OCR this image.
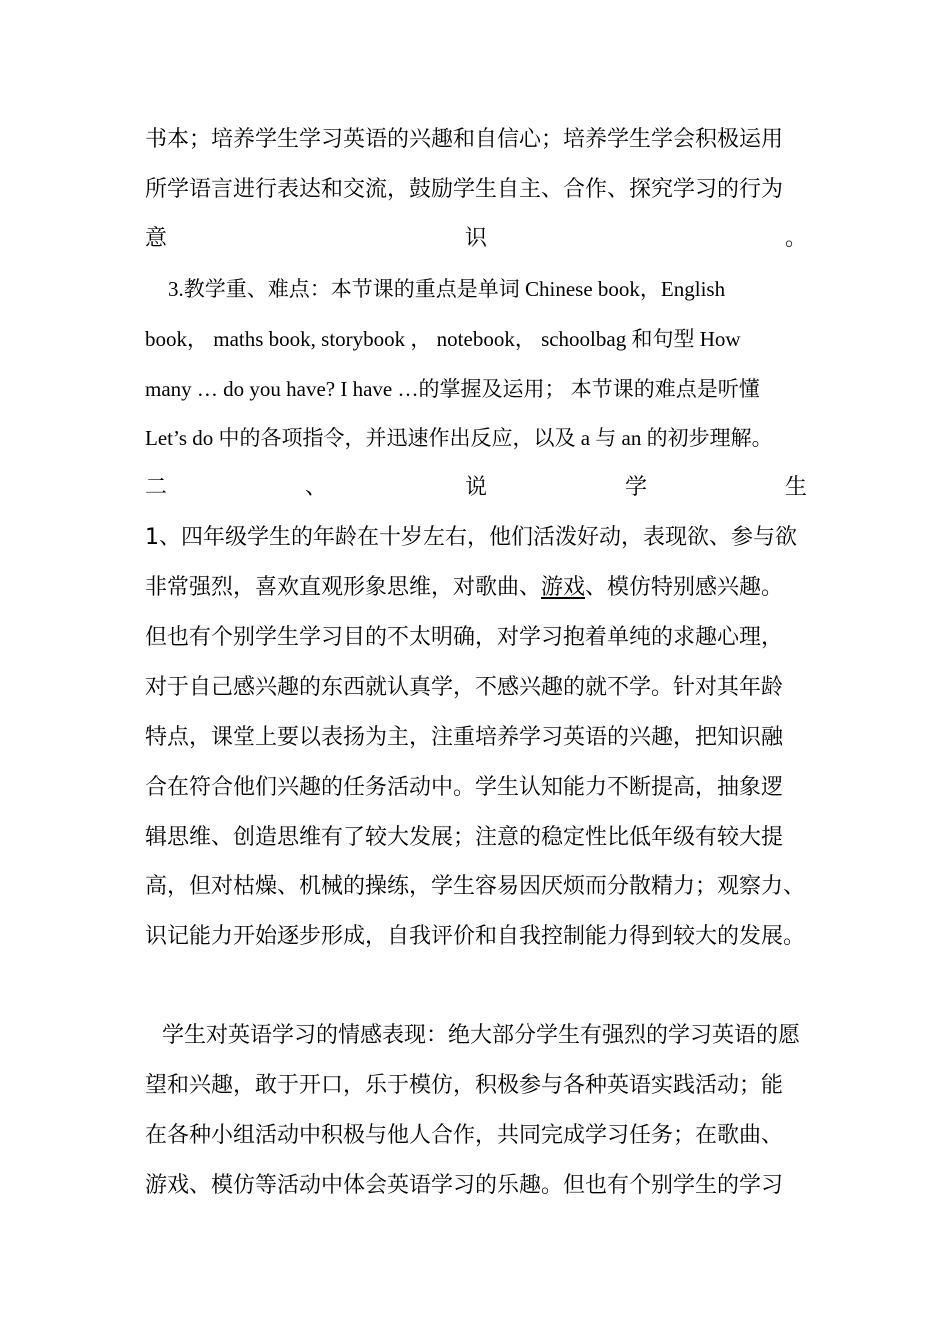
书本；培养学生学习英语的兴趣和自信心；培养学生学会积极运用
所学语言进行表达和交流，鼓励学生自主、合作、探究学习的行为
意	识	。
3.教学重、难点：本节课的重点是单词 Chinese book，English
book， maths book, storybook ， notebook， schoolbag 和句型 How
many … do you have? I have …的掌握及运用； 本节课的难点是听懂
Let’s do 中的各项指令，并迅速作出反应，以及 a 与 an 的初步理解。
二	、	说	学	生
1、四年级学生的年龄在十岁左右，他们活泼好动，表现欲、参与欲
非常强烈，喜欢直观形象思维，对歌曲、游戏、模仿特别感兴趣。
但也有个别学生学习目的不太明确，对学习抱着单纯的求趣心理，
对于自己感兴趣的东西就认真学，不感兴趣的就不学。针对其年龄
特点，课堂上要以表扬为主，注重培养学习英语的兴趣，把知识融
合在符合他们兴趣的任务活动中。学生认知能力不断提高，抽象逻
辑思维、创造思维有了较大发展；注意的稳定性比低年级有较大提
高，但对枯燥、机械的操练，学生容易因厌烦而分散精力；观察力、
识记能力开始逐步形成，自我评价和自我控制能力得到较大的发展。
学生对英语学习的情感表现：绝大部分学生有强烈的学习英语的愿
望和兴趣，敢于开口，乐于模仿，积极参与各种英语实践活动；能
在各种小组活动中积极与他人合作，共同完成学习任务；在歌曲、
游戏、模仿等活动中体会英语学习的乐趣。但也有个别学生的学习
